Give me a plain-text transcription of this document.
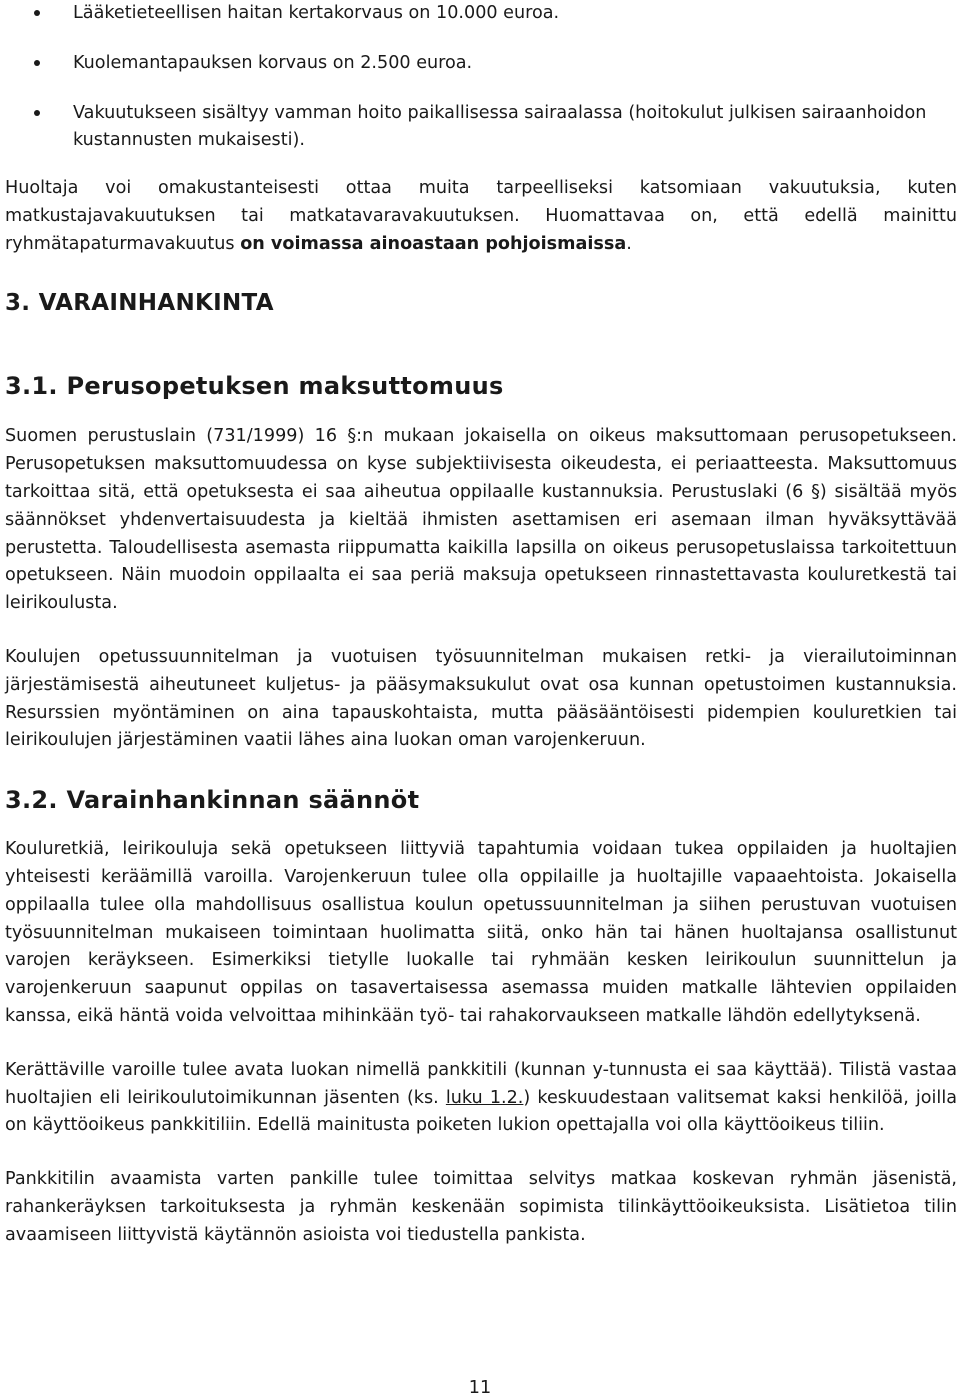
Lääketieteellisen haitan kertakorvaus on 10.000 euroa.
Kuolemantapauksen korvaus on 2.500 euroa.
Vakuutukseen sisältyy vamman hoito paikallisessa sairaalassa (hoitokulut julkisen sairaanhoidon kustannusten mukaisesti).

Huoltaja voi omakustanteisesti ottaa muita tarpeelliseksi katsomiaan vakuutuksia, kuten matkustajavakuutuksen tai matkatavaravakuutuksen. Huomattavaa on, että edellä mainittu ryhmätapaturmavakuutus on voimassa ainoastaan pohjoismaissa.

3. VARAINHANKINTA
3.1. Perusopetuksen maksuttomuus

Suomen perustuslain (731/1999) 16 §:n mukaan jokaisella on oikeus maksuttomaan perusopetukseen. Perusopetuksen maksuttomuudessa on kyse subjektiivisesta oikeudesta, ei periaatteesta. Maksuttomuus tarkoittaa sitä, että opetuksesta ei saa aiheutua oppilaalle kustannuksia. Perustuslaki (6 §) sisältää myös säännökset yhdenvertaisuudesta ja kieltää ihmisten asettamisen eri asemaan ilman hyväksyttävää perustetta. Taloudellisesta asemasta riippumatta kaikilla lapsilla on oikeus perusopetuslaissa tarkoitettuun opetukseen. Näin muodoin oppilaalta ei saa periä maksuja opetukseen rinnastettavasta kouluretkestä tai leirikoulusta.

Koulujen opetussuunnitelman ja vuotuisen työsuunnitelman mukaisen retki- ja vierailutoiminnan järjestämisestä aiheutuneet kuljetus- ja pääsymaksukulut ovat osa kunnan opetustoimen kustannuksia. Resurssien myöntäminen on aina tapauskohtaista, mutta pääsääntöisesti pidempien kouluretkien tai leirikoulujen järjestäminen vaatii lähes aina luokan oman varojenkeruun.

3.2. Varainhankinnan säännöt

Kouluretkiä, leirikouluja sekä opetukseen liittyviä tapahtumia voidaan tukea oppilaiden ja huoltajien yhteisesti keräämillä varoilla. Varojenkeruun tulee olla oppilaille ja huoltajille vapaaehtoista. Jokaisella oppilaalla tulee olla mahdollisuus osallistua koulun opetussuunnitelman ja siihen perustuvan vuotuisen työsuunnitelman mukaiseen toimintaan huolimatta siitä, onko hän tai hänen huoltajansa osallistunut varojen keräykseen. Esimerkiksi tietylle luokalle tai ryhmään kesken leirikoulun suunnittelun ja varojenkeruun saapunut oppilas on tasavertaisessa asemassa muiden matkalle lähtevien oppilaiden kanssa, eikä häntä voida velvoittaa mihinkään työ- tai rahakorvaukseen matkalle lähdön edellytyksenä.

Kerättäville varoille tulee avata luokan nimellä pankkitili (kunnan y-tunnusta ei saa käyttää). Tilistä vastaa huoltajien eli leirikoulutoimikunnan jäsenten (ks. luku 1.2.) keskuudestaan valitsemat kaksi henkilöä, joilla on käyttöoikeus pankkitiliin. Edellä mainitusta poiketen lukion opettajalla voi olla käyttöoikeus tiliin.

Pankkitilin avaamista varten pankille tulee toimittaa selvitys matkaa koskevan ryhmän jäsenistä, rahankeräyksen tarkoituksesta ja ryhmän keskenään sopimista tilinkäyttöoikeuksista. Lisätietoa tilin avaamiseen liittyvistä käytännön asioista voi tiedustella pankista.

11
